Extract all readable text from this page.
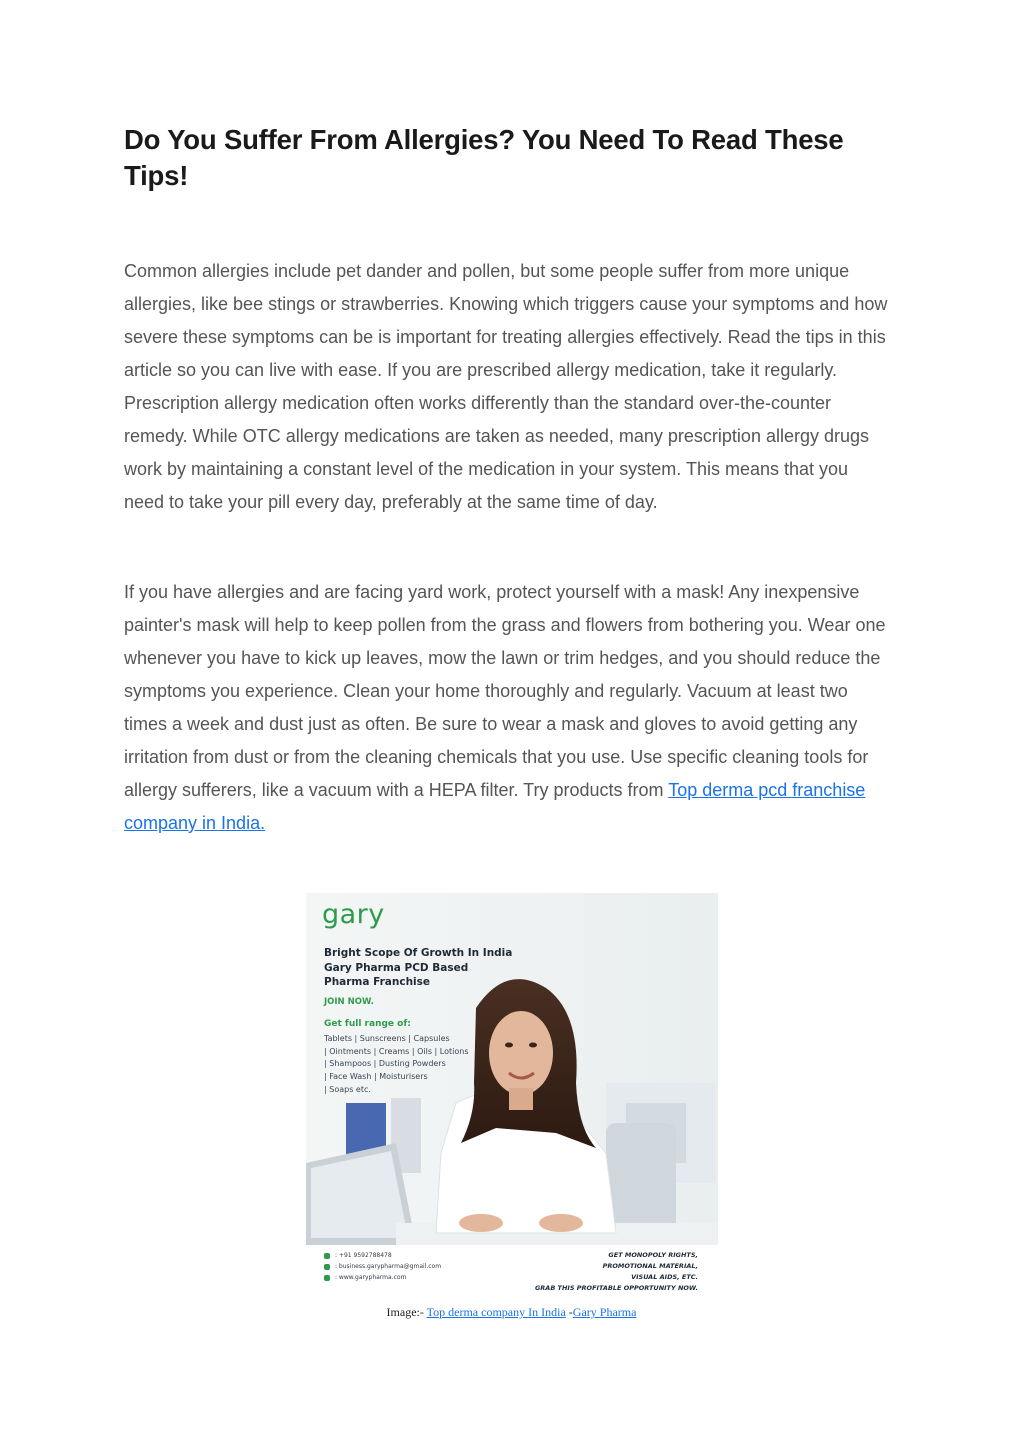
Do You Suffer From Allergies? You Need To Read These Tips!

Common allergies include pet dander and pollen, but some people suffer from more unique allergies, like bee stings or strawberries. Knowing which triggers cause your symptoms and how severe these symptoms can be is important for treating allergies effectively. Read the tips in this article so you can live with ease. If you are prescribed allergy medication, take it regularly. Prescription allergy medication often works differently than the standard over-the-counter remedy. While OTC allergy medications are taken as needed, many prescription allergy drugs work by maintaining a constant level of the medication in your system. This means that you need to take your pill every day, preferably at the same time of day.

If you have allergies and are facing yard work, protect yourself with a mask! Any inexpensive painter's mask will help to keep pollen from the grass and flowers from bothering you. Wear one whenever you have to kick up leaves, mow the lawn or trim hedges, and you should reduce the symptoms you experience. Clean your home thoroughly and regularly. Vacuum at least two times a week and dust just as often. Be sure to wear a mask and gloves to avoid getting any irritation from dust or from the cleaning chemicals that you use. Use specific cleaning tools for allergy sufferers, like a vacuum with a HEPA filter. Try products from Top derma pcd franchise company in India.

gary
Bright Scope Of Growth In India
Gary Pharma PCD Based
Pharma Franchise
JOIN NOW.
Get full range of:
Tablets | Sunscreens | Capsules
| Ointments | Creams | Oils | Lotions
| Shampoos | Dusting Powders
| Face Wash | Moisturisers
| Soaps etc.
: +91 9592788478
: business.garypharma@gmail.com
: www.garypharma.com
GET MONOPOLY RIGHTS,
PROMOTIONAL MATERIAL,
VISUAL AIDS, ETC.
GRAB THIS PROFITABLE OPPORTUNITY NOW.
Image:- Top derma company In India -Gary Pharma
